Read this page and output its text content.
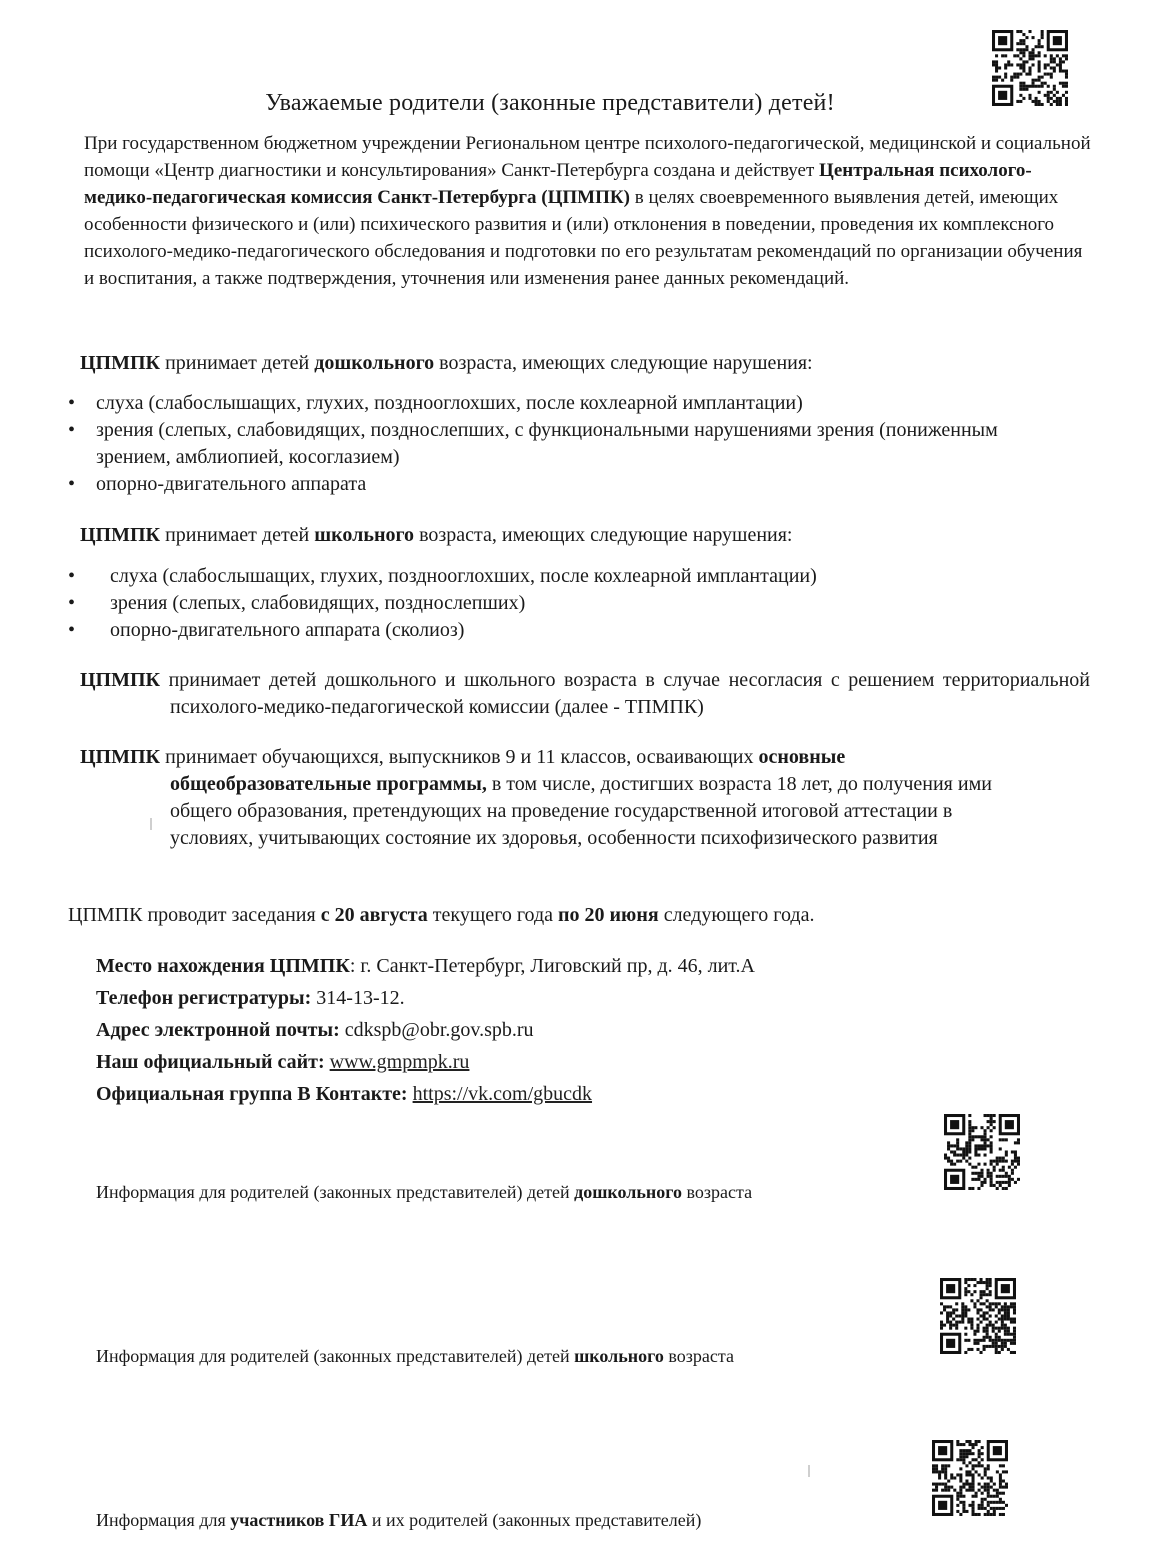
Уважаемые родители (законные представители) детей!
При государственном бюджетном учреждении Региональном центре психолого-педагогической, медицинской и социальной помощи «Центр диагностики и консультирования» Санкт-Петербурга создана и действует Центральная психолого-медико-педагогическая комиссия Санкт-Петербурга (ЦПМПК) в целях своевременного выявления детей, имеющих особенности физического и (или) психического развития и (или) отклонения в поведении, проведения их комплексного психолого-медико-педагогического обследования и подготовки по его результатам рекомендаций по организации обучения и воспитания, а также подтверждения, уточнения или изменения ранее данных рекомендаций.
ЦПМПК принимает детей дошкольного возраста, имеющих следующие нарушения:
• слуха (слабослышащих, глухих, позднооглохших, после кохлеарной имплантации)
• зрения (слепых, слабовидящих, позднослепших, с функциональными нарушениями зрения (пониженным зрением, амблиопией, косоглазием)
• опорно-двигательного аппарата
ЦПМПК принимает детей школьного возраста, имеющих следующие нарушения:
• слуха (слабослышащих, глухих, позднооглохших, после кохлеарной имплантации)
• зрения (слепых, слабовидящих, позднослепших)
• опорно-двигательного аппарата (сколиоз)
ЦПМПК принимает детей дошкольного и школьного возраста в случае несогласия с решением территориальной психолого-медико-педагогической комиссии (далее - ТПМПК)
ЦПМПК принимает обучающихся, выпускников 9 и 11 классов, осваивающих основные общеобразовательные программы, в том числе, достигших возраста 18 лет, до получения ими общего образования, претендующих на проведение государственной итоговой аттестации в условиях, учитывающих состояние их здоровья, особенности психофизического развития
ЦПМПК проводит заседания с 20 августа текущего года по 20 июня следующего года.
Место нахождения ЦПМПК: г. Санкт-Петербург, Лиговский пр, д. 46, лит.А
Телефон регистратуры: 314-13-12.
Адрес электронной почты: cdkspb@obr.gov.spb.ru
Наш официальный сайт: www.gmpmpk.ru
Официальная группа В Контакте: https://vk.com/gbucdk
Информация для родителей (законных представителей) детей дошкольного возраста
Информация для родителей (законных представителей) детей школьного возраста
Информация для участников ГИА и их родителей (законных представителей)
